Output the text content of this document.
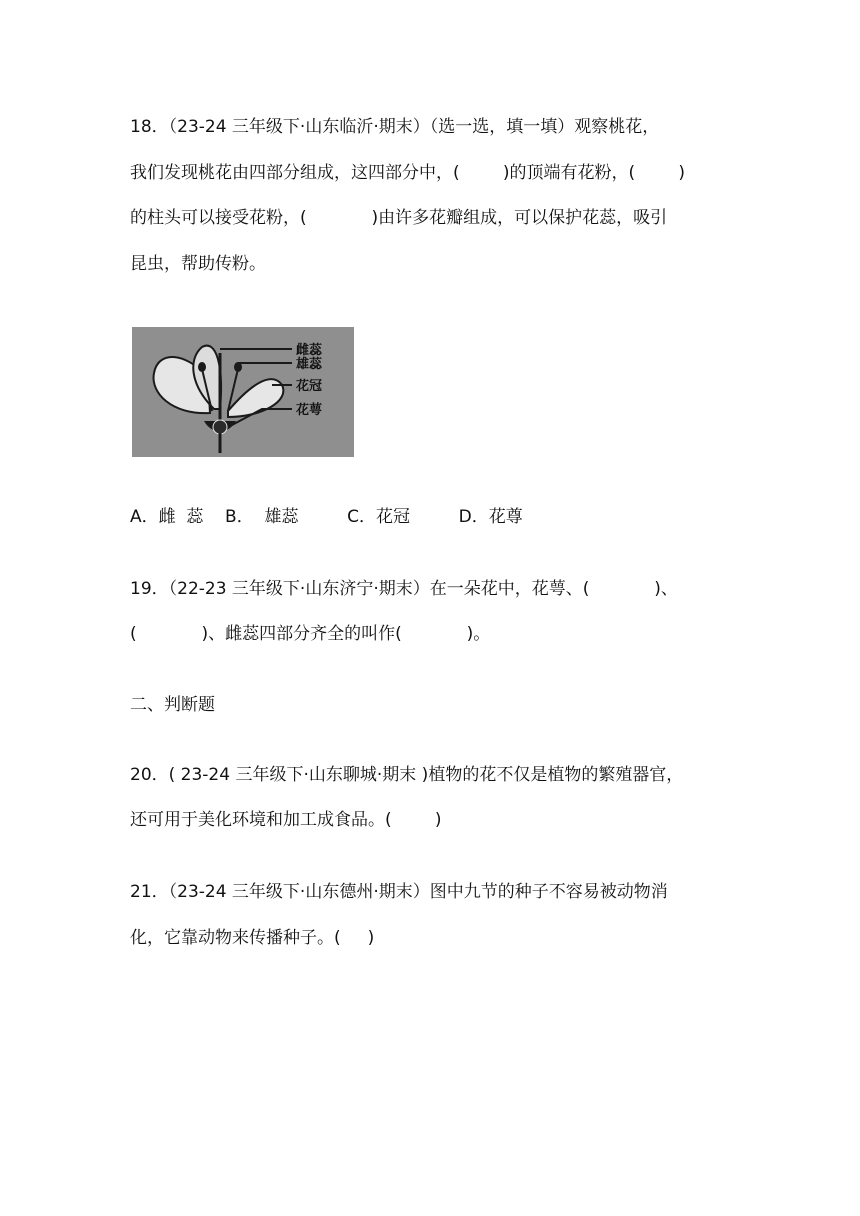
18．（23-24 三年级下·山东临沂·期末）（选一选，填一填）观察桃花，
我们发现桃花由四部分组成，这四部分中，(        )的顶端有花粉，(        )
的柱头可以接受花粉，(            )由许多花瓣组成，可以保护花蕊，吸引
昆虫，帮助传粉。
雌蕊
雄蕊
花冠
花萼
A．雌  蕊    B．  雄蕊         C．花冠         D．花尊
19．（22-23 三年级下·山东济宁·期末）在一朵花中，花萼、(            )、
(            )、雌蕊四部分齐全的叫作(            )。
二、判断题
20．( 23-24 三年级下·山东聊城·期末 )植物的花不仅是植物的繁殖器官，
还可用于美化环境和加工成食品。(        )
21．（23-24 三年级下·山东德州·期末）图中九节的种子不容易被动物消
化，它靠动物来传播种子。(     )
